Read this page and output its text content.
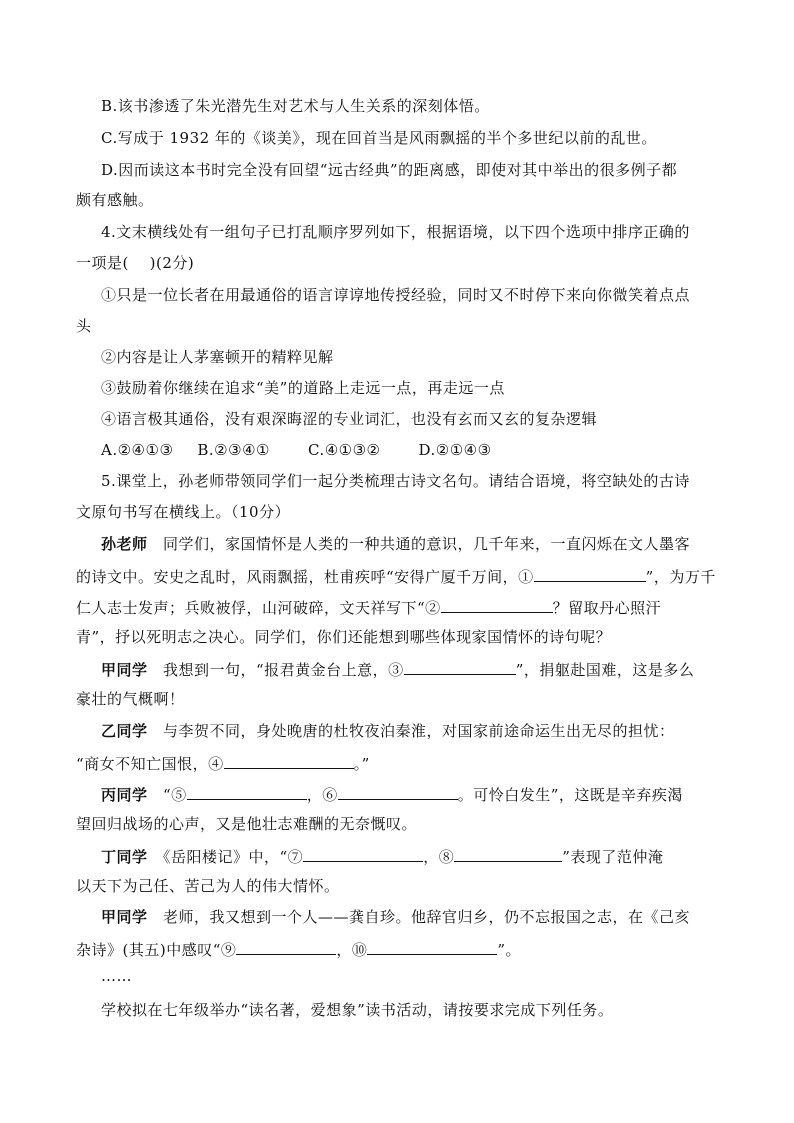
B.该书渗透了朱光潜先生对艺术与人生关系的深刻体悟。
C.写成于 1932 年的《谈美》，现在回首当是风雨飘摇的半个多世纪以前的乱世。
D.因而读这本书时完全没有回望“远古经典”的距离感，即使对其中举出的很多例子都
颇有感触。
4.文末横线处有一组句子已打乱顺序罗列如下，根据语境，以下四个选项中排序正确的
一项是(　 )(2分)
①只是一位长者在用最通俗的语言谆谆地传授经验，同时又不时停下来向你微笑着点点
头
②内容是让人茅塞顿开的精粹见解
③鼓励着你继续在追求“美”的道路上走远一点，再走远一点
④语言极其通俗，没有艰深晦涩的专业词汇，也没有玄而又玄的复杂逻辑
A.②④①③ B.②③④①	C.④①③②	D.②①④③
5.课堂上，孙老师带领同学们一起分类梳理古诗文名句。请结合语境，将空缺处的古诗
文原句书写在横线上。（10分）
孙老师　同学们，家国情怀是人类的一种共通的意识，几千年来，一直闪烁在文人墨客
的诗文中。安史之乱时，风雨飘摇，杜甫疾呼“安得广厦千万间，①	”，为万千
仁人志士发声；兵败被俘，山河破碎，文天祥写下“②	？留取丹心照汗
青”，抒以死明志之决心。同学们，你们还能想到哪些体现家国情怀的诗句呢？
甲同学　我想到一句，“报君黄金台上意，③	”，捐躯赴国难，这是多么
豪壮的气概啊！
乙同学　与李贺不同，身处晚唐的杜牧夜泊秦淮，对国家前途命运生出无尽的担忧：
“商女不知亡国恨，④	。”
丙同学　“⑤	，⑥	。可怜白发生”，这既是辛弃疾渴
望回归战场的心声，又是他壮志难酬的无奈慨叹。
丁同学　《岳阳楼记》中，“⑦	，⑧	”表现了范仲淹
以天下为己任、苦己为人的伟大情怀。
甲同学　老师，我又想到一个人——龚自珍。他辞官归乡，仍不忘报国之志，在《己亥
杂诗》(其五)中感叹“⑨	，⑩	”。
……
学校拟在七年级举办“读名著，爱想象”读书活动，请按要求完成下列任务。
